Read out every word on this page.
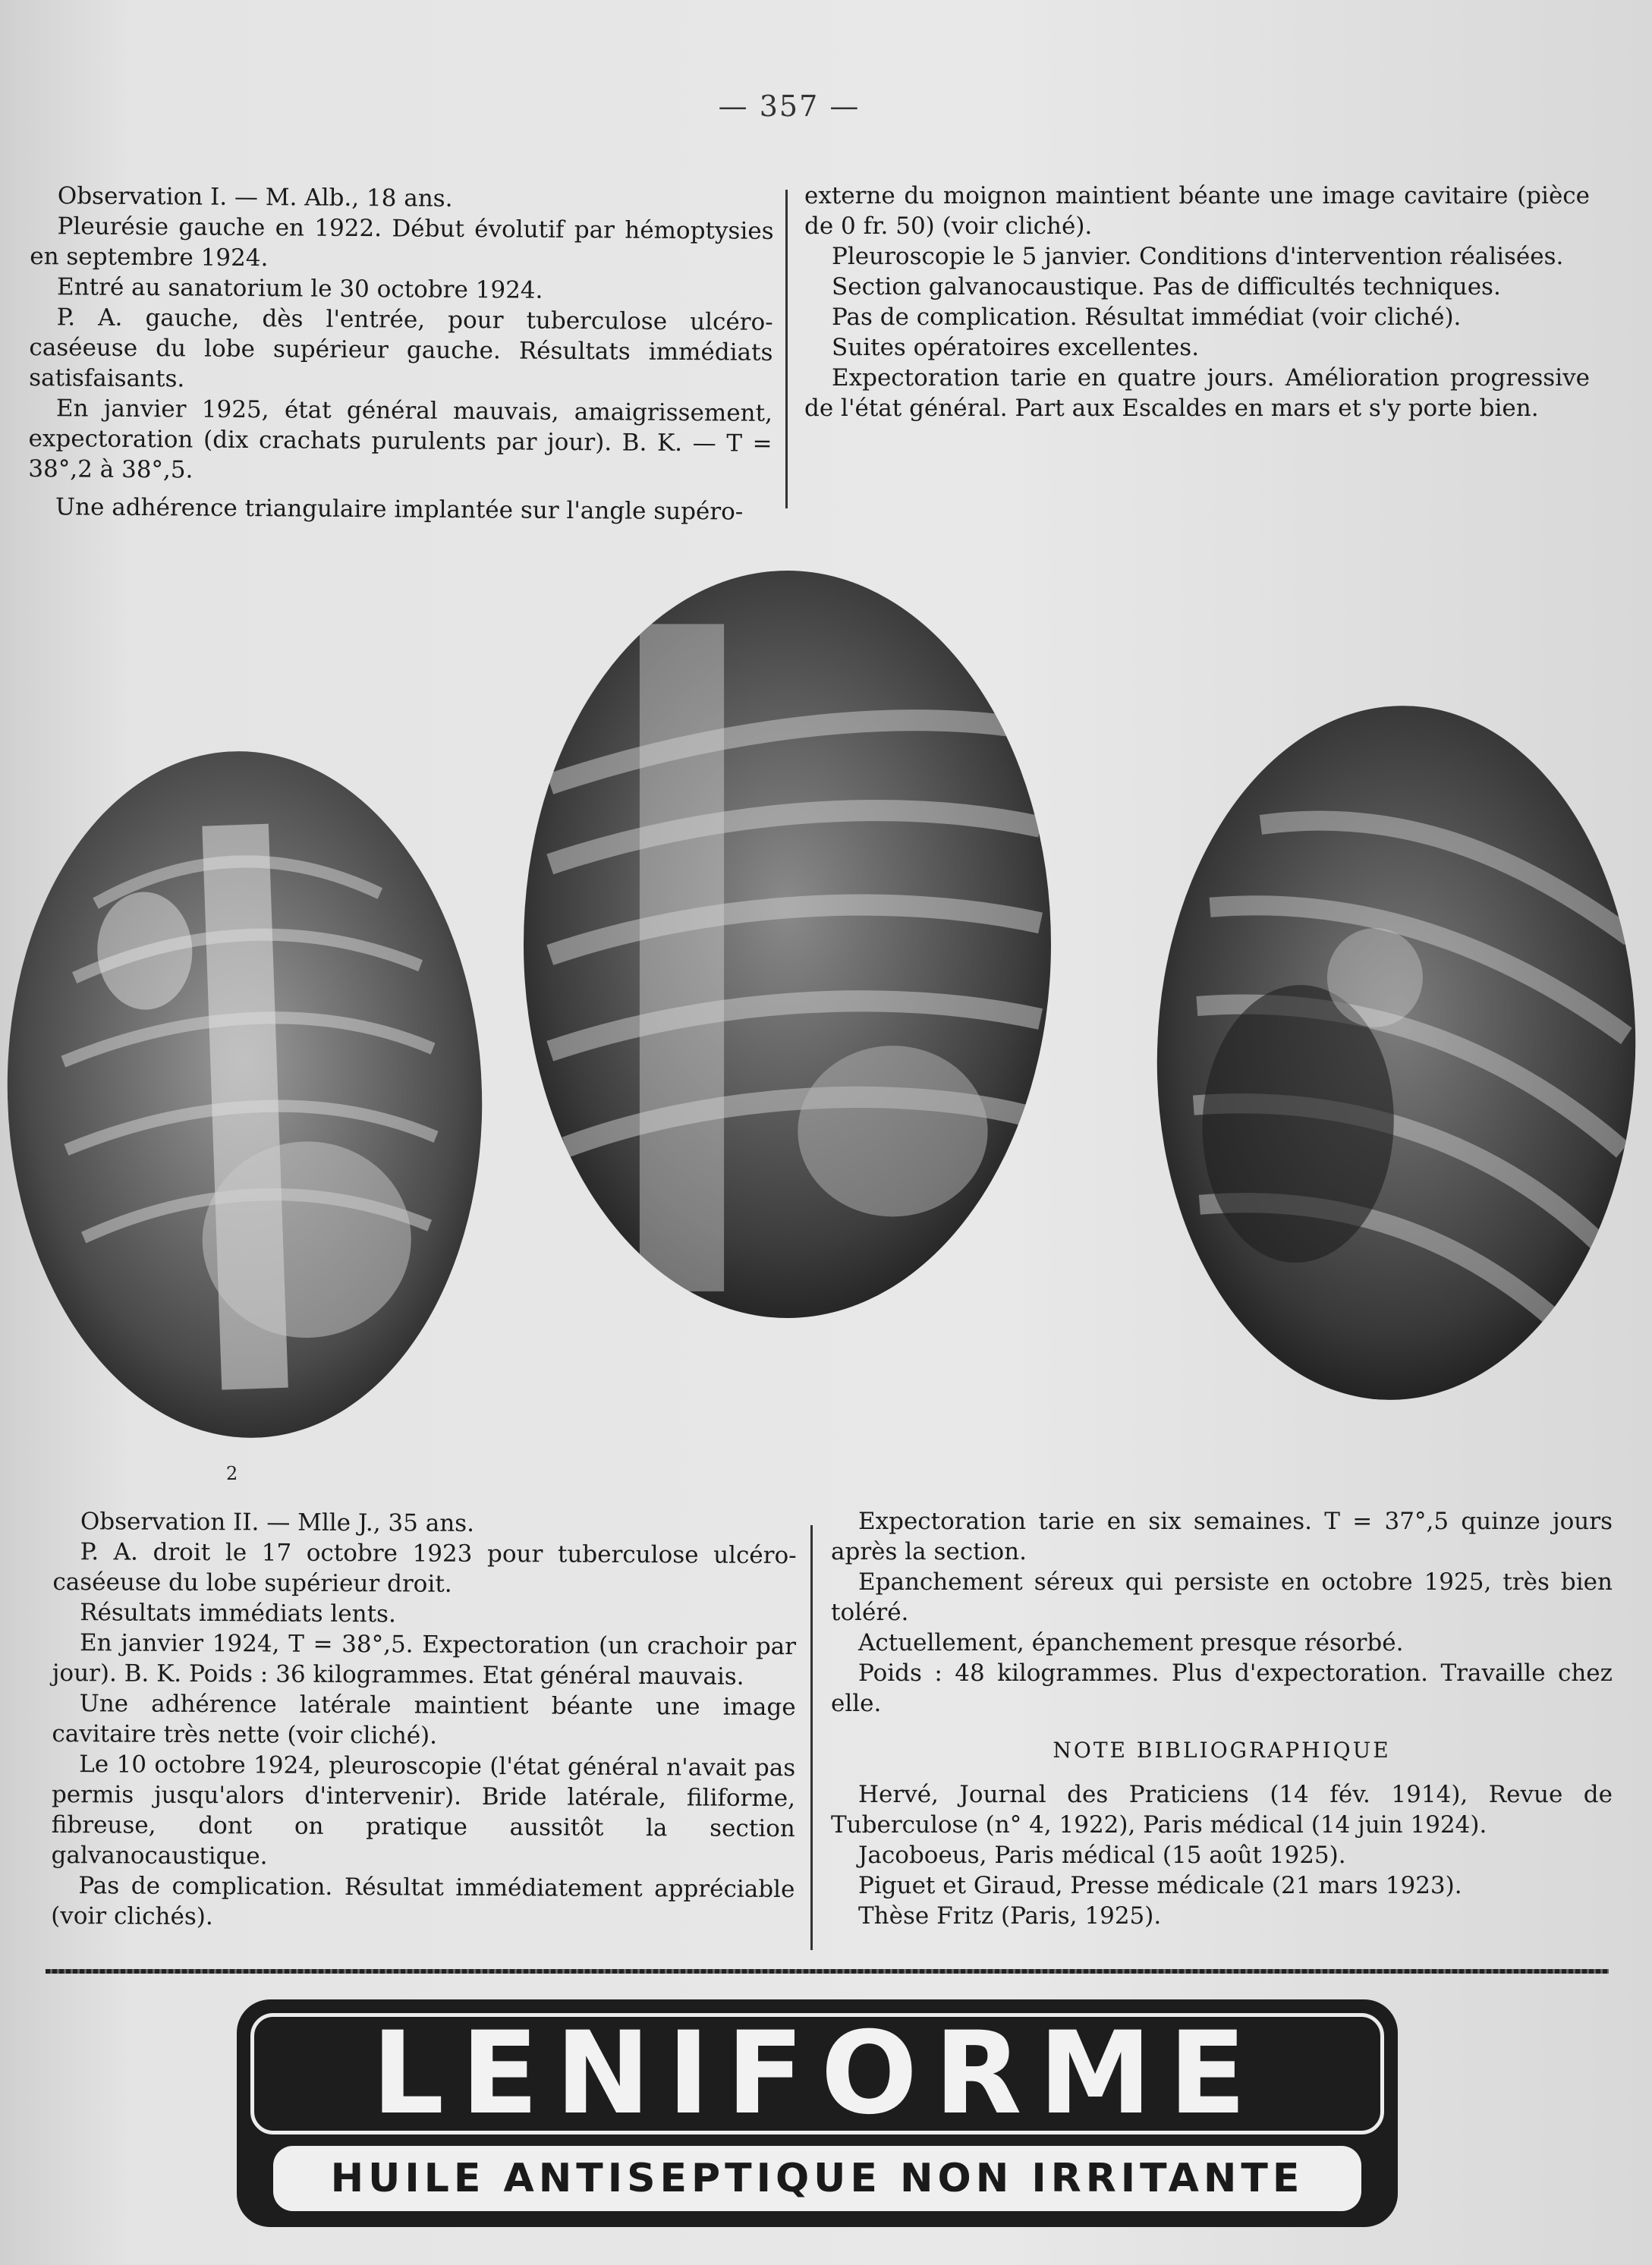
— 357 —

Observation I. — M. Alb., 18 ans.

Pleurésie gauche en 1922. Début évolutif par hémoptysies en septembre 1924.

Entré au sanatorium le 30 octobre 1924.

P. A. gauche, dès l'entrée, pour tuberculose ulcéro-caséeuse du lobe supérieur gauche. Résultats immédiats satisfaisants.

En janvier 1925, état général mauvais, amaigrissement, expectoration (dix crachats purulents par jour). B. K. — T = 38°,2 à 38°,5.

Une adhérence triangulaire implantée sur l'angle supéro-

externe du moignon maintient béante une image cavitaire (pièce de 0 fr. 50) (voir cliché).

Pleuroscopie le 5 janvier. Conditions d'intervention réalisées.

Section galvanocaustique. Pas de difficultés techniques.

Pas de complication. Résultat immédiat (voir cliché).

Suites opératoires excellentes.

Expectoration tarie en quatre jours. Amélioration progressive de l'état général. Part aux Escaldes en mars et s'y porte bien.

2

Observation II. — Mlle J., 35 ans.

P. A. droit le 17 octobre 1923 pour tuberculose ulcéro-caséeuse du lobe supérieur droit.

Résultats immédiats lents.

En janvier 1924, T = 38°,5. Expectoration (un crachoir par jour). B. K. Poids : 36 kilogrammes. Etat général mauvais.

Une adhérence latérale maintient béante une image cavitaire très nette (voir cliché).

Le 10 octobre 1924, pleuroscopie (l'état général n'avait pas permis jusqu'alors d'intervenir). Bride latérale, filiforme, fibreuse, dont on pratique aussitôt la section galvanocaustique.

Pas de complication. Résultat immédiatement appréciable (voir clichés).

Expectoration tarie en six semaines. T = 37°,5 quinze jours après la section.

Epanchement séreux qui persiste en octobre 1925, très bien toléré.

Actuellement, épanchement presque résorbé.

Poids : 48 kilogrammes. Plus d'expectoration. Travaille chez elle.

NOTE BIBLIOGRAPHIQUE

Hervé, Journal des Praticiens (14 fév. 1914), Revue de Tuberculose (n° 4, 1922), Paris médical (14 juin 1924).

Jacoboeus, Paris médical (15 août 1925).

Piguet et Giraud, Presse médicale (21 mars 1923).

Thèse Fritz (Paris, 1925).

LENIFORME
HUILE ANTISEPTIQUE NON IRRITANTE
